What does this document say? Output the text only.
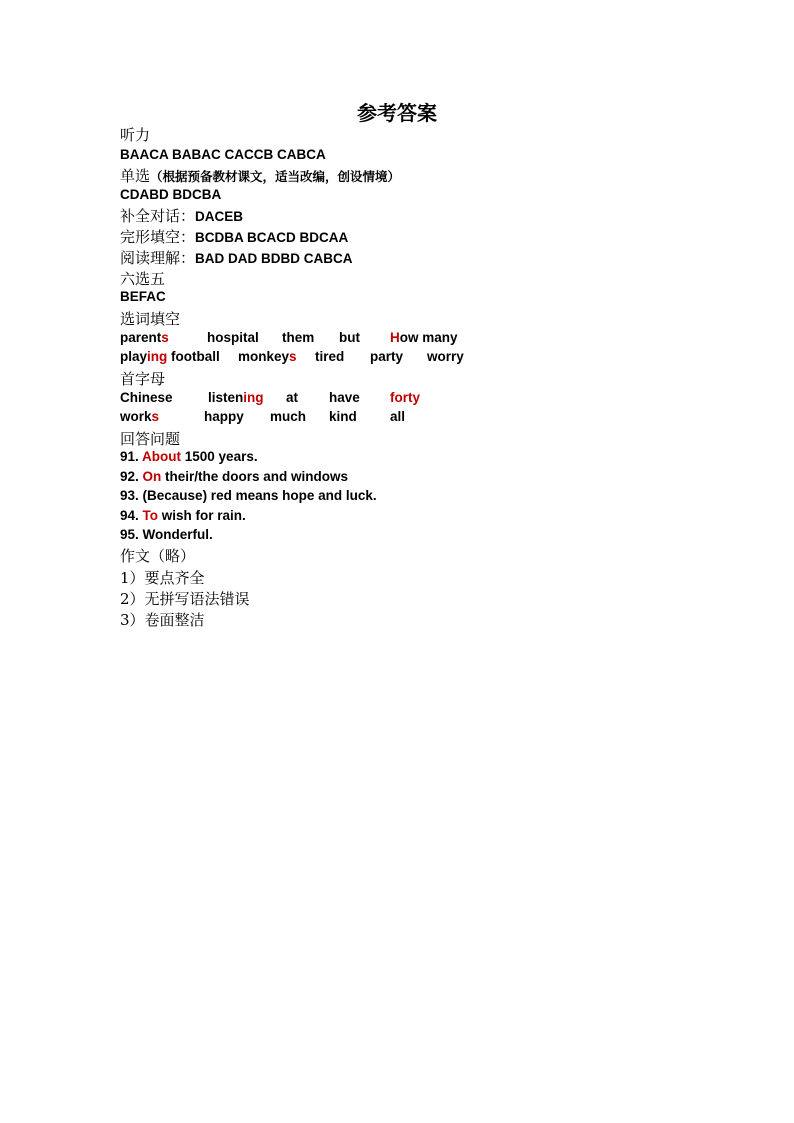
参考答案
听力
BAACA BABAC CACCB CABCA
单选（根据预备教材课文，适当改编，创设情境）
CDABD BDCBA
补全对话：DACEB
完形填空：BCDBA BCACD BDCAA
阅读理解：BAD DAD BDBD CABCA
六选五
BEFAC
选词填空
parents	hospital them but How many
playing football monkeys tired party worry
首字母
Chinese	listening at have forty
works	happy much kind all
回答问题
91. About 1500 years.
92. On their/the doors and windows
93. (Because) red means hope and luck.
94. To wish for rain.
95. Wonderful.
作文（略）
1）要点齐全
2）无拼写语法错误
3）卷面整洁
